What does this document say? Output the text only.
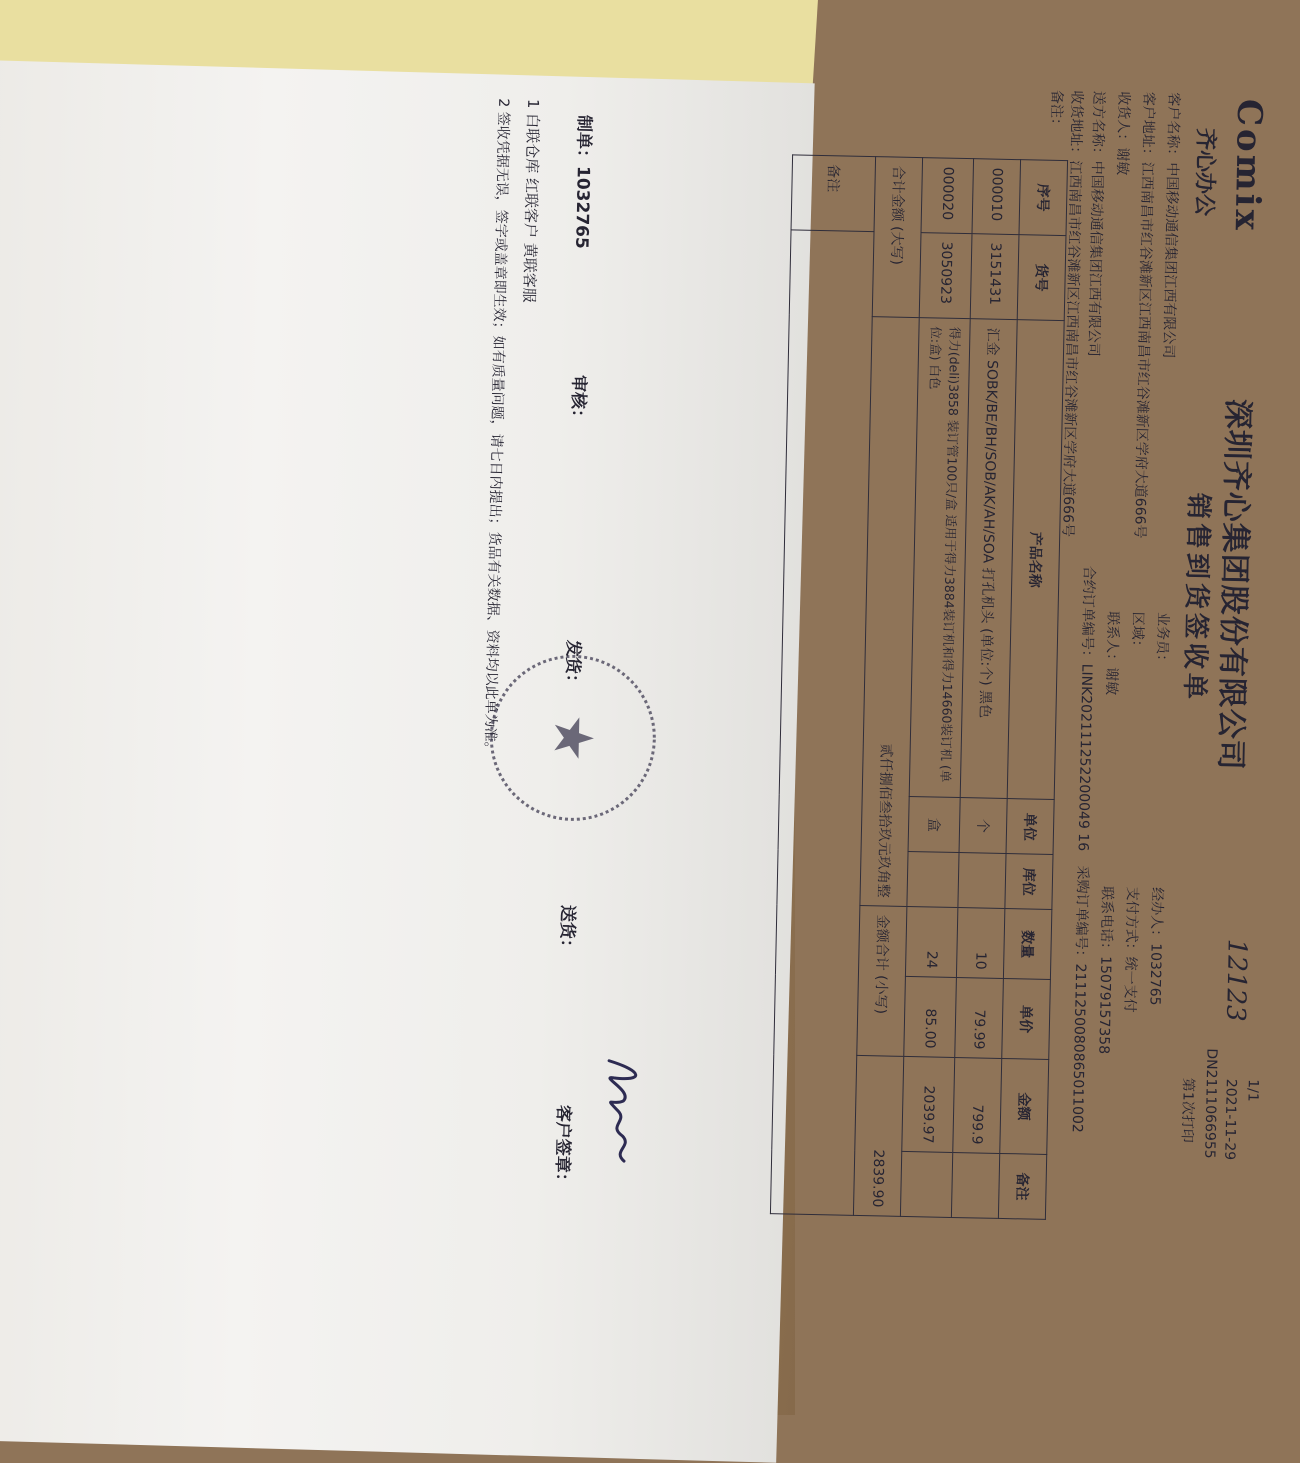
1/1
2021-11-29
DN2111066955
第1次打印
12123
Comix
齐心办公
深圳齐心集团股份有限公司
销售到货签收单
客户名称：中国移动通信集团江西有限公司
客户地址：江西南昌市红谷滩新区江西南昌市红谷滩新区学府大道666号
收货人：谢敏
送方名称：中国移动通信集团江西有限公司
收货地址：江西南昌市红谷滩新区江西南昌市红谷滩新区学府大道666号
备注：
业务员：
区域：
联系人：谢敏
合约订单编号：LINK202111252200049 16
经办人：1032765
支付方式：统一支付
联系电话：15079157358
采购订单编号：2111250080865011002
序号	货号	产品名称	单位	库位	数量	单价	金额	备注
000010	3151431	汇金 SOBK/BE/BH/SOB/AK/AH/SOA 打孔机头 (单位:个) 黑色	个		10	79.99	799.9	
000020	3050923	得力(deli)3858 装订管100只/盒 适用于得力3884装订机和得力14660装订机 (单位:盒) 白色	盒		24	85.00	2039.97	
合计金额 (大写)		贰仟捌佰叁拾玖元玖角整			金额合计 (小写)		2839.90	
备注								
★
制单：1032765
审核：
发货：
送货：
客户签章：
1 白联仓库 红联客户 黄联客服
2 签收凭据无误，签字或盖章即生效；如有质量问题，请七日内提出；货品有关数据、资料均以此单为准。
